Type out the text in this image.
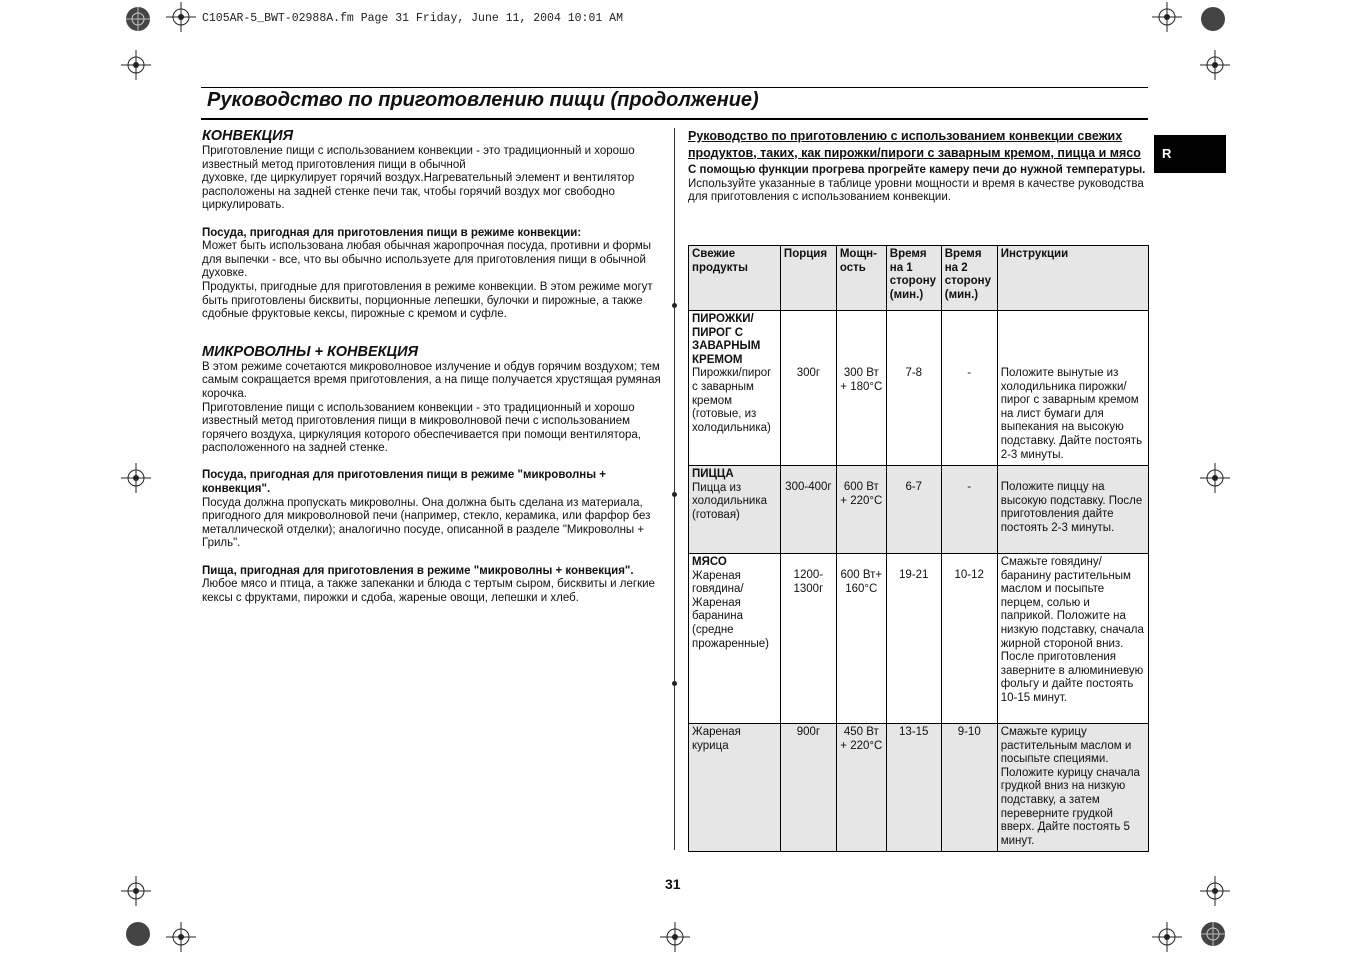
C105AR-5_BWT-02988A.fm Page 31 Friday, June 11, 2004 10:01 AM
Руководство по приготовлению пищи (продолжение)
R
КОНВЕКЦИЯ

Приготовление пищи с использованием конвекции - это традиционный и хорошо известный метод приготовления пищи в обычной

духовке, где циркулирует горячий воздух.Нагревательный элемент и вентилятор расположены на задней стенке печи так, чтобы горячий воздух мог свободно циркулировать.

Посуда, пригодная для приготовления пищи в режиме конвекции:

Может быть использована любая обычная жаропрочная посуда, противни и формы для выпечки - все, что вы обычно используете для приготовления пищи в обычной духовке.

Продукты, пригодные для приготовления в режиме конвекции. В этом режиме могут быть приготовлены бисквиты, порционные лепешки, булочки и пирожные, а также сдобные фруктовые кексы, пирожные с кремом и суфле.

МИКРОВОЛНЫ + КОНВЕКЦИЯ

В этом режиме сочетаются микроволновое излучение и обдув горячим воздухом; тем самым сокращается время приготовления, а на пище получается хрустящая румяная корочка.

Приготовление пищи с использованием конвекции - это традиционный и хорошо известный метод приготовления пищи в микроволновой печи с использованием горячего воздуха, циркуляция которого обеспечивается при помощи вентилятора, расположенного на задней стенке.

Посуда, пригодная для приготовления пищи в режиме "микроволны + конвекция".

Посуда должна пропускать микроволны. Она должна быть сделана из материала, пригодного для микроволновой печи (например, стекло, керамика, или фарфор без металлической отделки); аналогично посуде, описанной в разделе "Микроволны + Гриль".

Пища, пригодная для приготовления в режиме "микроволны + конвекция".

Любое мясо и птица, а также запеканки и блюда с тертым сыром, бисквиты и легкие кексы с фруктами, пирожки и сдоба, жареные овощи, лепешки и хлеб.

Руководство по приготовлению с использованием конвекции свежих продуктов, таких, как пирожки/пироги с заварным кремом, пицца и мясо

С помощью функции прогрева прогрейте камеру печи до нужной температуры.

Используйте указанные в таблице уровни мощности и время в качестве руководства для приготовления с использованием конвекции.

Свежие продукты	Порция	Мощн-ость	Время на 1 сторону (мин.)	Время на 2 сторону (мин.)	Инструкции

ПИРОЖКИ/ ПИРОГ С ЗАВАРНЫМ КРЕМОМ
Пирожки/пирог с заварным кремом (готовые, из холодильника)	300г	300 Вт + 180°C	7-8	-	Положите вынутые из холодильника пирожки/ пирог с заварным кремом на лист бумаги для выпекания на высокую подставку. Дайте постоять 2-3 минуты.

ПИЦЦА
Пицца из холодильника (готовая)	300-400г	600 Вт + 220°C	6-7	-	Положите пиццу на высокую подставку. После приготовления дайте постоять 2-3 минуты.

МЯСО
Жареная говядина/ Жареная баранина (средне прожаренные)	1200-1300г	600 Вт+ 160°C	19-21	10-12	Смажьте говядину/ баранину растительным маслом и посыпьте перцем, солью и паприкой. Положите на низкую подставку, сначала жирной стороной вниз. После приготовления заверните в алюминиевую фольгу и дайте постоять 10-15 минут.

Жареная курица	900г	450 Вт + 220°C	13-15	9-10	Смажьте курицу растительным маслом и посыпьте специями. Положите курицу сначала грудкой вниз на низкую подставку, а затем переверните грудкой вверх. Дайте постоять 5 минут.
31
